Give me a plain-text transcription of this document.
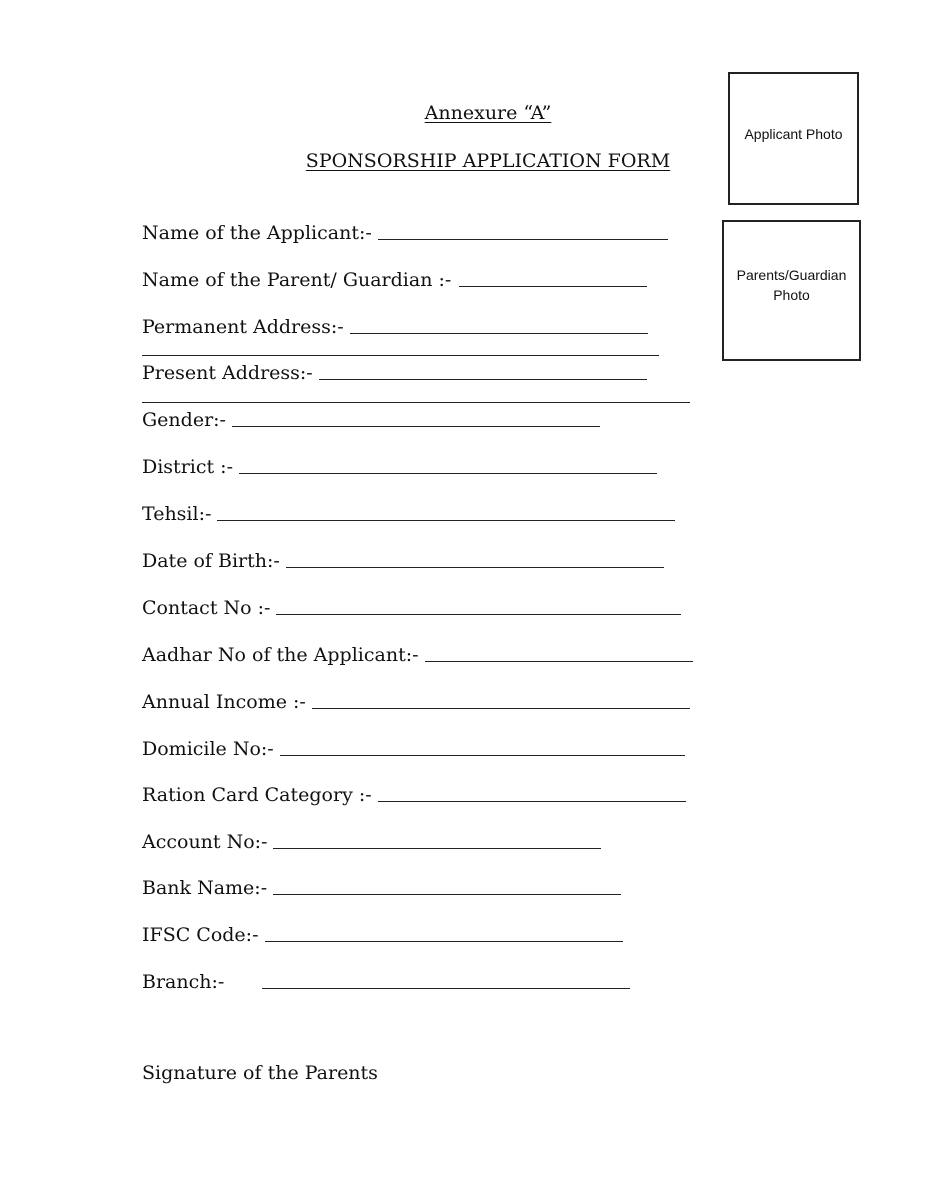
Annexure “A”
SPONSORSHIP APPLICATION FORM
Applicant Photo
Parents/Guardian Photo
Name of the Applicant:-
Name of the Parent/ Guardian :-
Permanent Address:-
Present Address:-
Gender:-
District :-
Tehsil:-
Date of Birth:-
Contact No :-
Aadhar No of the Applicant:-
Annual Income :-
Domicile No:-
Ration Card Category :-
Account No:-
Bank Name:-
IFSC Code:-
Branch:-
Signature of the Parents
